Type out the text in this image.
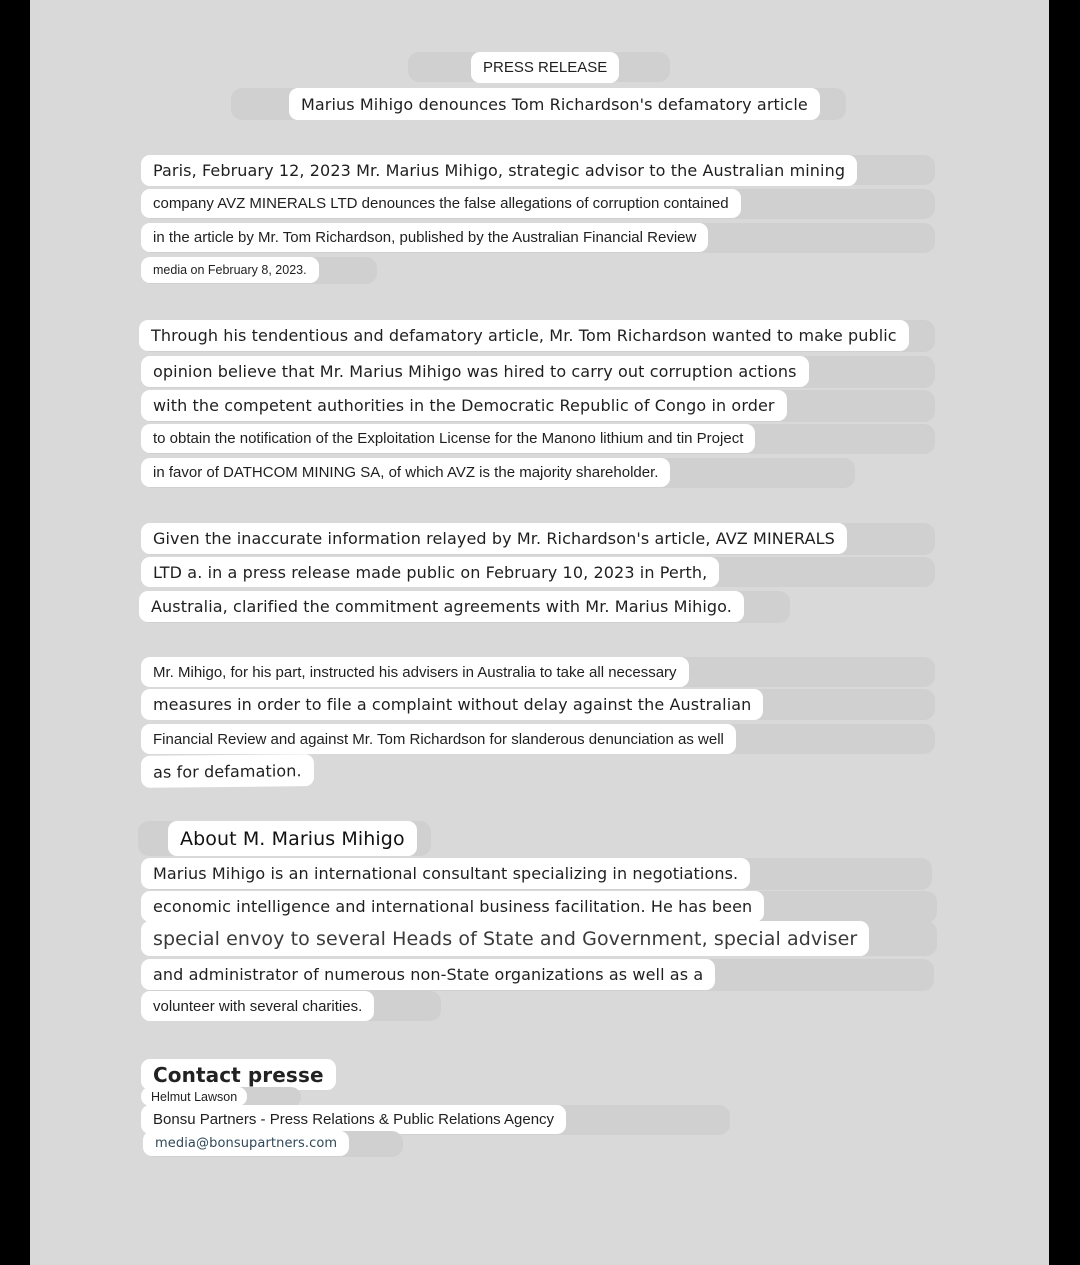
PRESS RELEASE
Marius Mihigo denounces Tom Richardson's defamatory article
Paris, February 12, 2023 Mr. Marius Mihigo, strategic advisor to the Australian mining
company AVZ MINERALS LTD denounces the false allegations of corruption contained
in the article by Mr. Tom Richardson, published by the Australian Financial Review
media on February 8, 2023.
Through his tendentious and defamatory article, Mr. Tom Richardson wanted to make public
opinion believe that Mr. Marius Mihigo was hired to carry out corruption actions
with the competent authorities in the Democratic Republic of Congo in order
to obtain the notification of the Exploitation License for the Manono lithium and tin Project
in favor of DATHCOM MINING SA, of which AVZ is the majority shareholder.
Given the inaccurate information relayed by Mr. Richardson's article, AVZ MINERALS
LTD a. in a press release made public on February 10, 2023 in Perth,
Australia, clarified the commitment agreements with Mr. Marius Mihigo.
Mr. Mihigo, for his part, instructed his advisers in Australia to take all necessary
measures in order to file a complaint without delay against the Australian
Financial Review and against Mr. Tom Richardson for slanderous denunciation as well
as for defamation.
About M. Marius Mihigo
Marius Mihigo is an international consultant specializing in negotiations.
economic intelligence and international business facilitation. He has been
special envoy to several Heads of State and Government, special adviser
and administrator of numerous non-State organizations as well as a
volunteer with several charities.
Contact presse
Helmut Lawson
Bonsu Partners - Press Relations & Public Relations Agency
media@bonsupartners.com
